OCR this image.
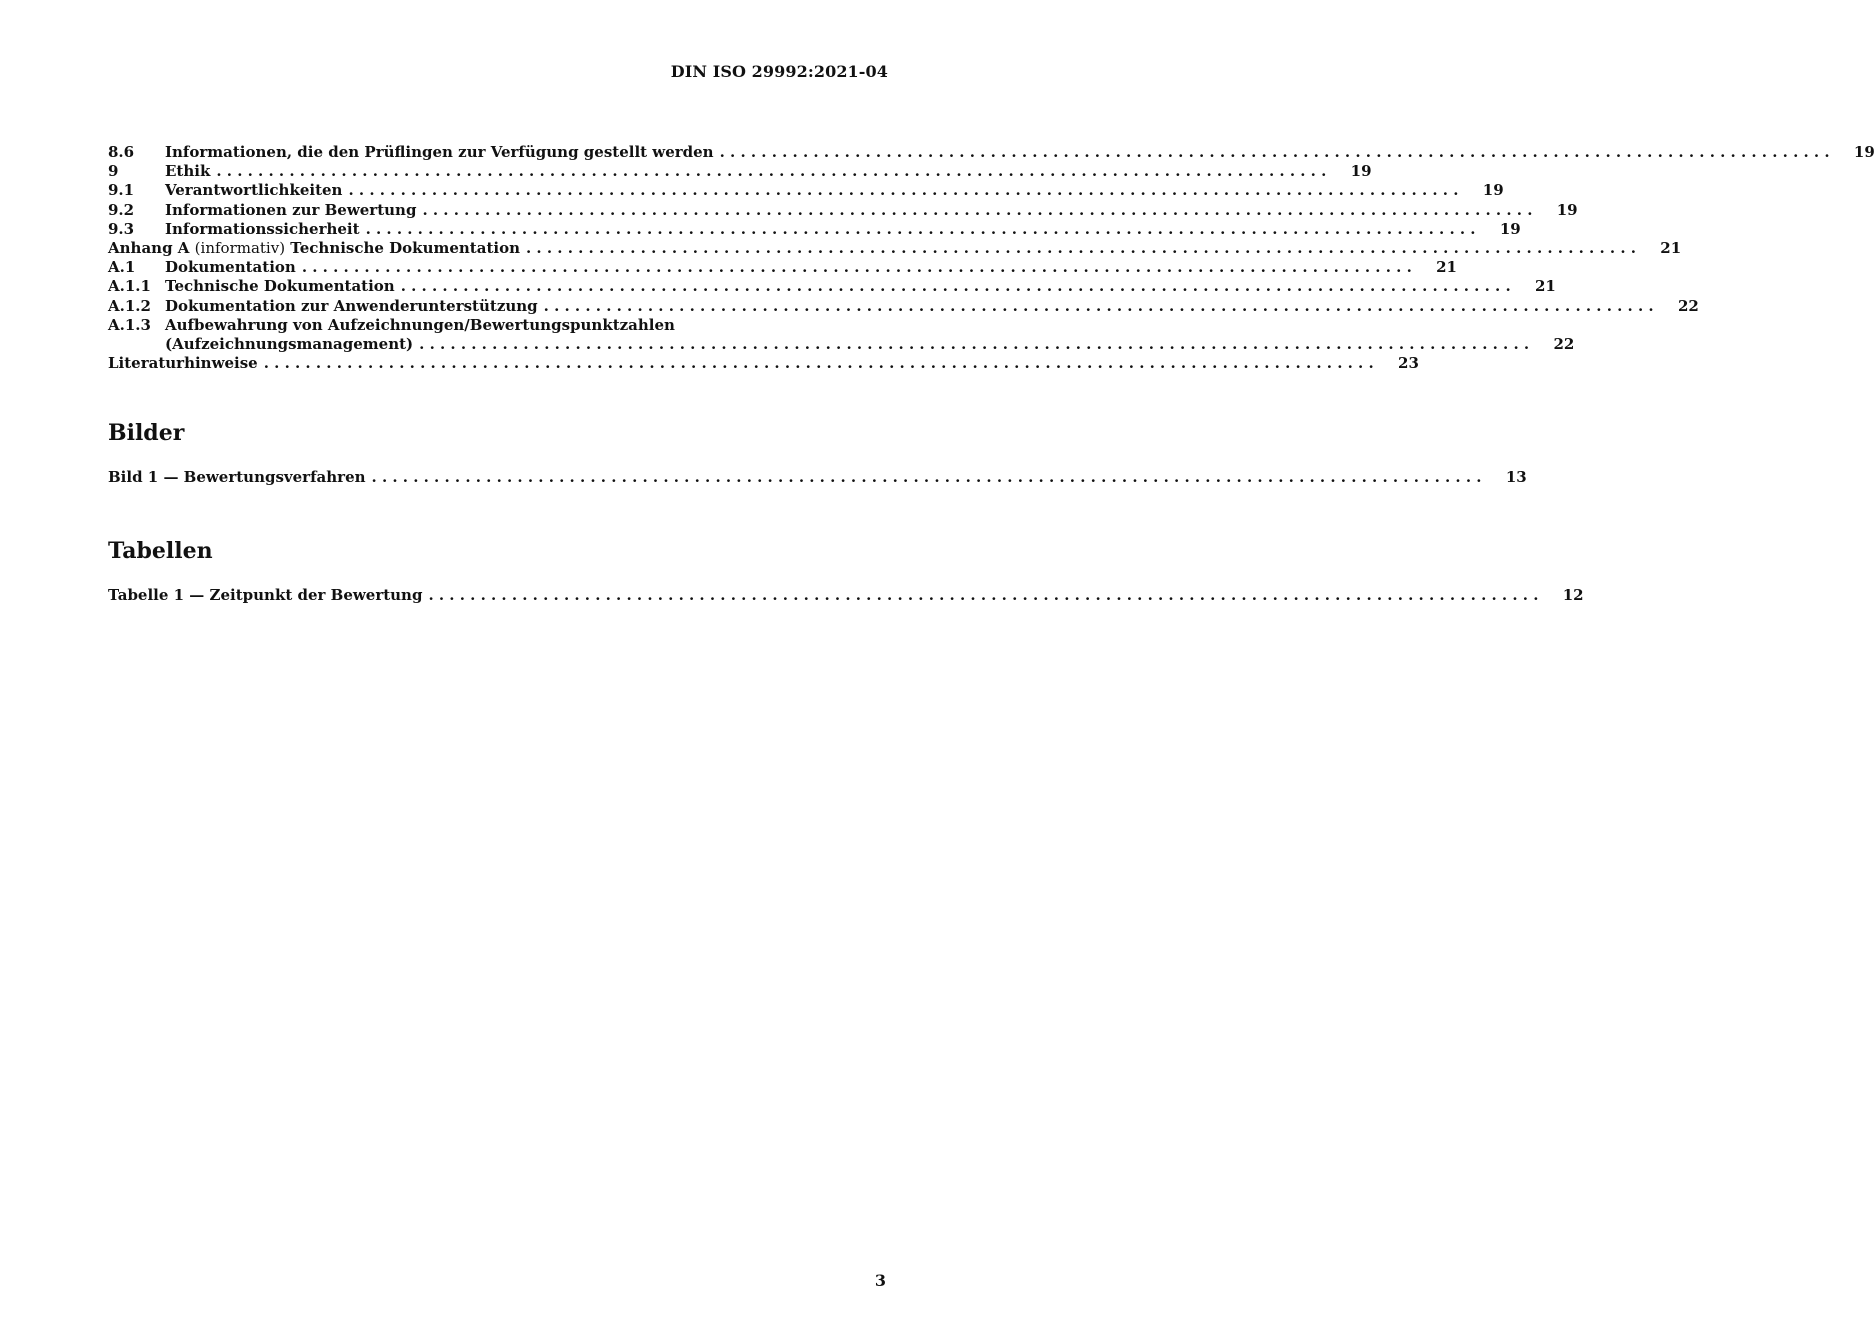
DIN ISO 29992:2021-04
8.6	Informationen, die den Prüflingen zur Verfügung gestellt werden ...........................................................................................................	19
9	Ethik ...........................................................................................................	19
9.1	Verantwortlichkeiten ...........................................................................................................	19
9.2	Informationen zur Bewertung ...........................................................................................................	19
9.3	Informationssicherheit ...........................................................................................................	19
Anhang A (informativ) Technische Dokumentation ...........................................................................................................	21
A.1	Dokumentation ...........................................................................................................	21
A.1.1 Technische Dokumentation ...........................................................................................................	21
A.1.2 Dokumentation zur Anwenderunterstützung ...........................................................................................................	22
A.1.3 Aufbewahrung von Aufzeichnungen/Bewertungspunktzahlen
(Aufzeichnungsmanagement) ...........................................................................................................	22
Literaturhinweise ...........................................................................................................	23
Bilder
Bild 1 — Bewertungsverfahren ...........................................................................................................	13
Tabellen
Tabelle 1 — Zeitpunkt der Bewertung ...........................................................................................................	12
3
